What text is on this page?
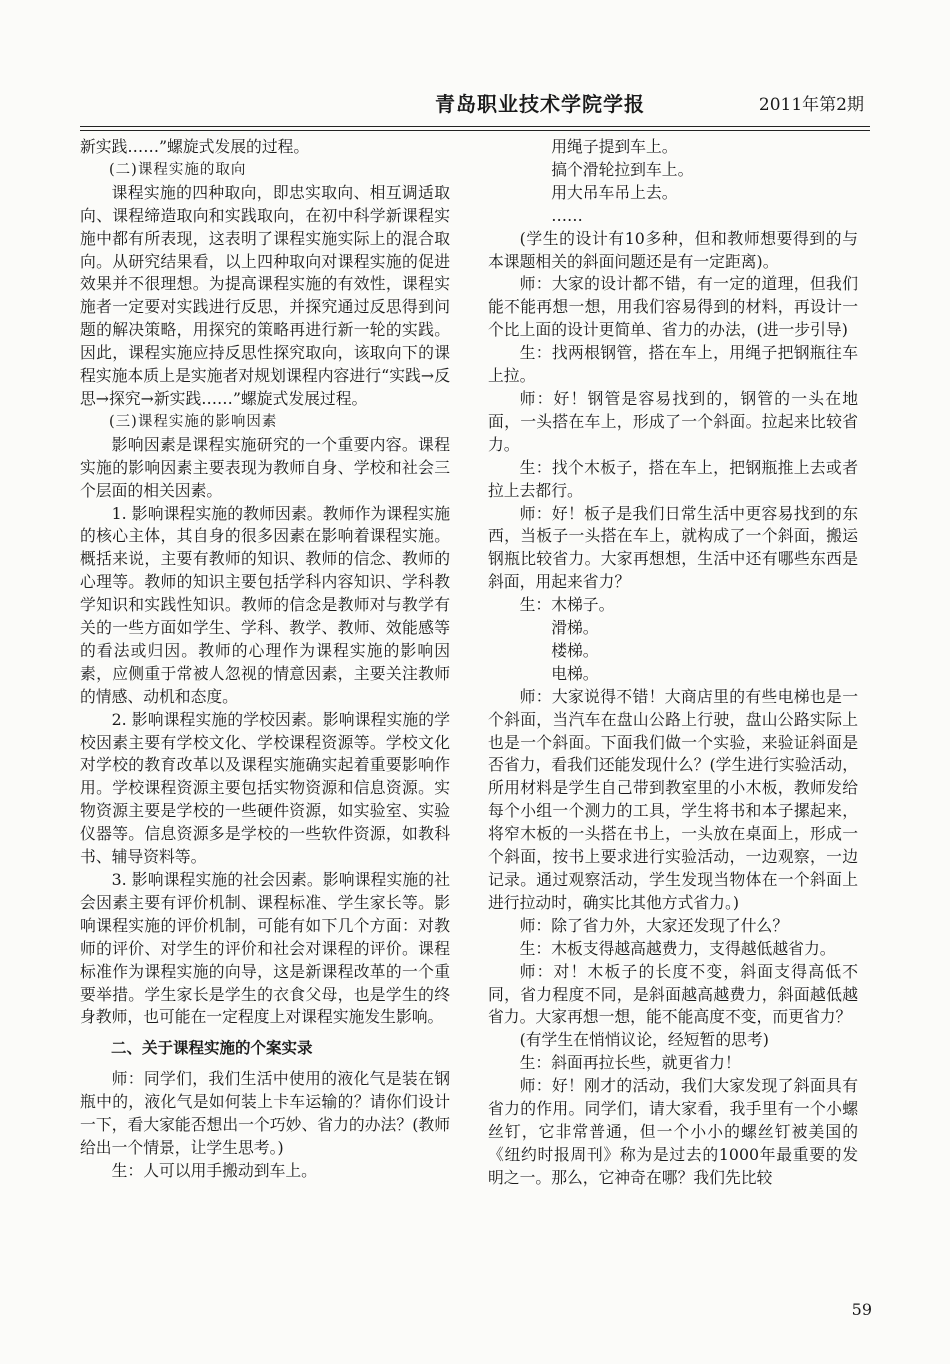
青岛职业技术学院学报	2011年第2期

新实践……”螺旋式发展的过程。

(二)课程实施的取向

课程实施的四种取向，即忠实取向、相互调适取向、课程缔造取向和实践取向，在初中科学新课程实施中都有所表现，这表明了课程实施实际上的混合取向。从研究结果看，以上四种取向对课程实施的促进效果并不很理想。为提高课程实施的有效性，课程实施者一定要对实践进行反思，并探究通过反思得到问题的解决策略，用探究的策略再进行新一轮的实践。因此，课程实施应持反思性探究取向，该取向下的课程实施本质上是实施者对规划课程内容进行“实践→反思→探究→新实践……”螺旋式发展过程。

(三)课程实施的影响因素

影响因素是课程实施研究的一个重要内容。课程实施的影响因素主要表现为教师自身、学校和社会三个层面的相关因素。

1. 影响课程实施的教师因素。教师作为课程实施的核心主体，其自身的很多因素在影响着课程实施。概括来说，主要有教师的知识、教师的信念、教师的心理等。教师的知识主要包括学科内容知识、学科教学知识和实践性知识。教师的信念是教师对与教学有关的一些方面如学生、学科、教学、教师、效能感等的看法或归因。教师的心理作为课程实施的影响因素，应侧重于常被人忽视的情意因素，主要关注教师的情感、动机和态度。

2. 影响课程实施的学校因素。影响课程实施的学校因素主要有学校文化、学校课程资源等。学校文化对学校的教育改革以及课程实施确实起着重要影响作用。学校课程资源主要包括实物资源和信息资源。实物资源主要是学校的一些硬件资源，如实验室、实验仪器等。信息资源多是学校的一些软件资源，如教科书、辅导资料等。

3. 影响课程实施的社会因素。影响课程实施的社会因素主要有评价机制、课程标准、学生家长等。影响课程实施的评价机制，可能有如下几个方面：对教师的评价、对学生的评价和社会对课程的评价。课程标准作为课程实施的向导，这是新课程改革的一个重要举措。学生家长是学生的衣食父母，也是学生的终身教师，也可能在一定程度上对课程实施发生影响。

二、关于课程实施的个案实录

师：同学们，我们生活中使用的液化气是装在钢瓶中的，液化气是如何装上卡车运输的？请你们设计一下，看大家能否想出一个巧妙、省力的办法？(教师给出一个情景，让学生思考。)

生：人可以用手搬动到车上。

用绳子提到车上。

搞个滑轮拉到车上。

用大吊车吊上去。

……

(学生的设计有10多种，但和教师想要得到的与本课题相关的斜面问题还是有一定距离)。

师：大家的设计都不错，有一定的道理，但我们能不能再想一想，用我们容易得到的材料，再设计一个比上面的设计更简单、省力的办法，(进一步引导)

生：找两根钢管，搭在车上，用绳子把钢瓶往车上拉。

师：好！钢管是容易找到的，钢管的一头在地面，一头搭在车上，形成了一个斜面。拉起来比较省力。

生：找个木板子，搭在车上，把钢瓶推上去或者拉上去都行。

师：好！板子是我们日常生活中更容易找到的东西，当板子一头搭在车上，就构成了一个斜面，搬运钢瓶比较省力。大家再想想，生活中还有哪些东西是斜面，用起来省力？

生：木梯子。

滑梯。

楼梯。

电梯。

师：大家说得不错！大商店里的有些电梯也是一个斜面，当汽车在盘山公路上行驶，盘山公路实际上也是一个斜面。下面我们做一个实验，来验证斜面是否省力，看我们还能发现什么？(学生进行实验活动，所用材料是学生自己带到教室里的小木板，教师发给每个小组一个测力的工具，学生将书和本子摞起来，将窄木板的一头搭在书上，一头放在桌面上，形成一个斜面，按书上要求进行实验活动，一边观察，一边记录。通过观察活动，学生发现当物体在一个斜面上进行拉动时，确实比其他方式省力。)

师：除了省力外，大家还发现了什么？

生：木板支得越高越费力，支得越低越省力。

师：对！木板子的长度不变，斜面支得高低不同，省力程度不同，是斜面越高越费力，斜面越低越省力。大家再想一想，能不能高度不变，而更省力？

(有学生在悄悄议论，经短暂的思考)

生：斜面再拉长些，就更省力！

师：好！刚才的活动，我们大家发现了斜面具有省力的作用。同学们，请大家看，我手里有一个小螺丝钉，它非常普通，但一个小小的螺丝钉被美国的《纽约时报周刊》称为是过去的1000年最重要的发明之一。那么，它神奇在哪？我们先比较

59
